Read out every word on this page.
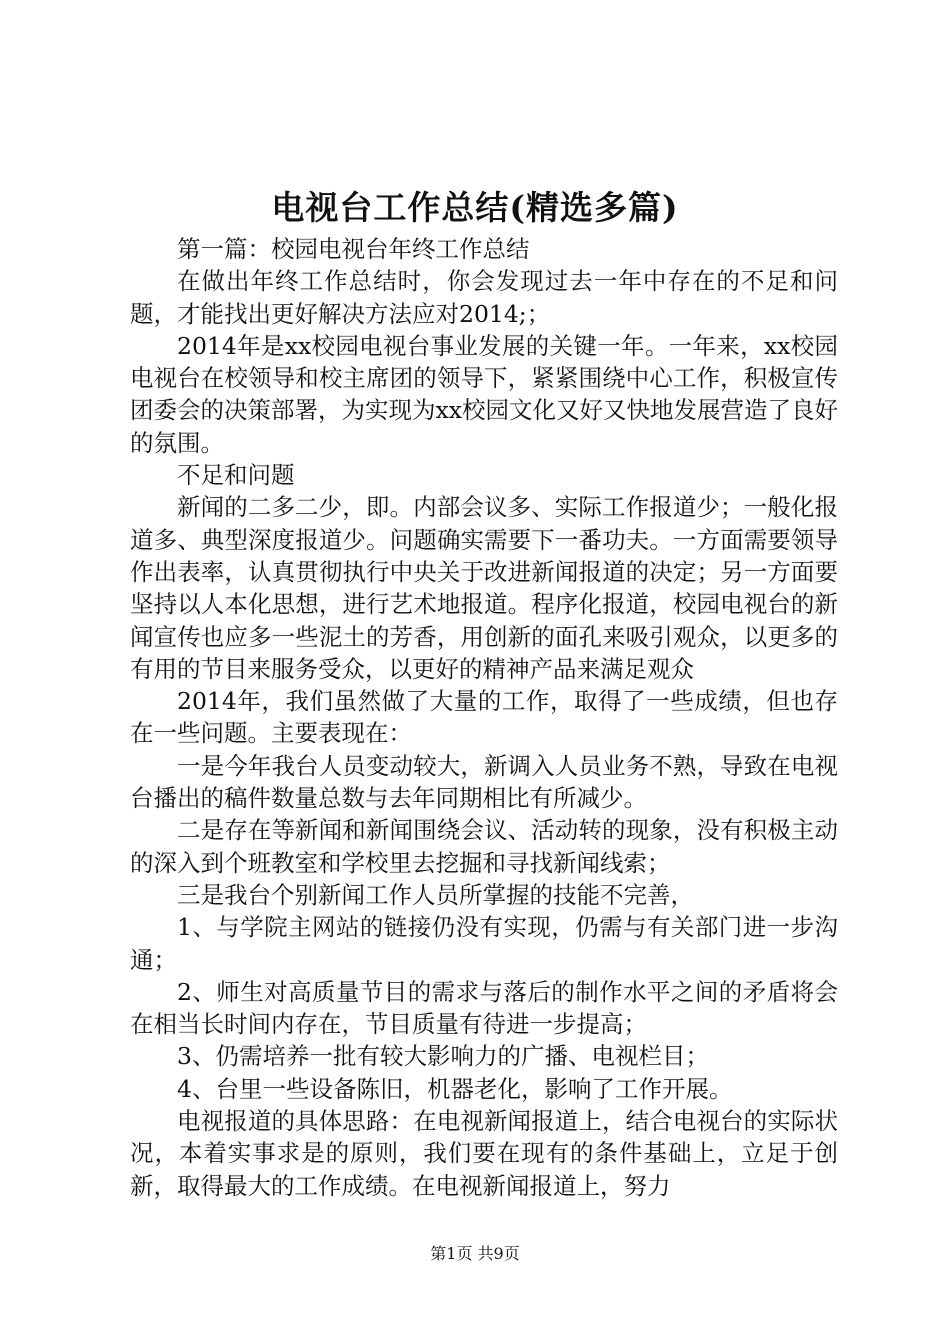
电视台工作总结(精选多篇)

第一篇：校园电视台年终工作总结

在做出年终工作总结时，你会发现过去一年中存在的不足和问题，才能找出更好解决方法应对2014;；

2014年是xx校园电视台事业发展的关键一年。一年来，xx校园电视台在校领导和校主席团的领导下，紧紧围绕中心工作，积极宣传团委会的决策部署，为实现为xx校园文化又好又快地发展营造了良好的氛围。

不足和问题

新闻的二多二少，即。内部会议多、实际工作报道少；一般化报道多、典型深度报道少。问题确实需要下一番功夫。一方面需要领导作出表率，认真贯彻执行中央关于改进新闻报道的决定；另一方面要坚持以人本化思想，进行艺术地报道。程序化报道，校园电视台的新闻宣传也应多一些泥土的芳香，用创新的面孔来吸引观众，以更多的有用的节目来服务受众，以更好的精神产品来满足观众

2014年，我们虽然做了大量的工作，取得了一些成绩，但也存在一些问题。主要表现在：

一是今年我台人员变动较大，新调入人员业务不熟，导致在电视台播出的稿件数量总数与去年同期相比有所减少。

二是存在等新闻和新闻围绕会议、活动转的现象，没有积极主动的深入到个班教室和学校里去挖掘和寻找新闻线索；

三是我台个别新闻工作人员所掌握的技能不完善，

1、与学院主网站的链接仍没有实现，仍需与有关部门进一步沟通；

2、师生对高质量节目的需求与落后的制作水平之间的矛盾将会在相当长时间内存在，节目质量有待进一步提高；

3、仍需培养一批有较大影响力的广播、电视栏目；

4、台里一些设备陈旧，机器老化，影响了工作开展。

电视报道的具体思路：在电视新闻报道上，结合电视台的实际状况，本着实事求是的原则，我们要在现有的条件基础上，立足于创新，取得最大的工作成绩。在电视新闻报道上，努力

第1页 共9页
